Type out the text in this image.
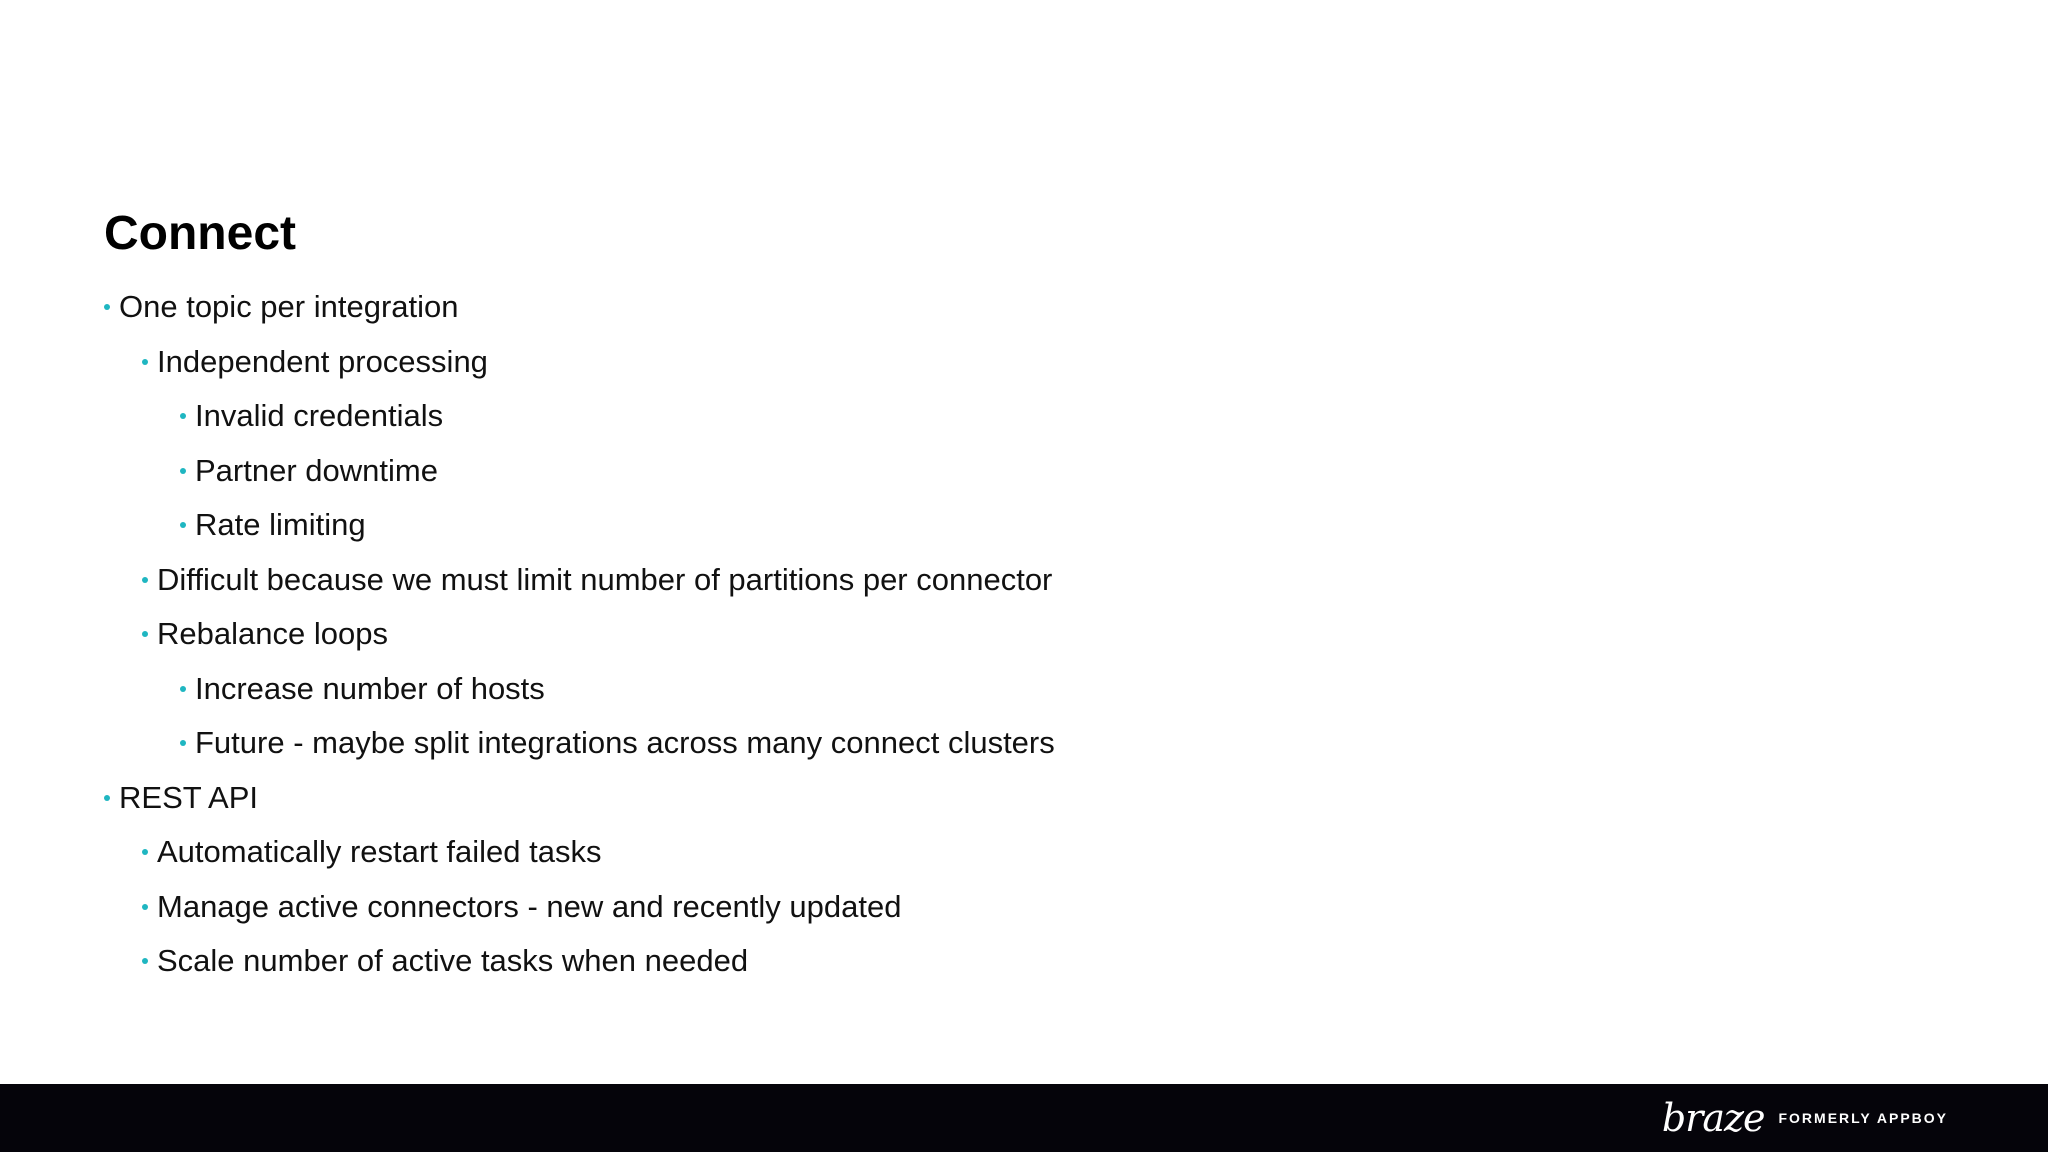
Connect
One topic per integration
Independent processing
Invalid credentials
Partner downtime
Rate limiting
Difficult because we must limit number of partitions per connector
Rebalance loops
Increase number of hosts
Future - maybe split integrations across many connect clusters
REST API
Automatically restart failed tasks
Manage active connectors - new and recently updated
Scale number of active tasks when needed
braze FORMERLY APPBOY
